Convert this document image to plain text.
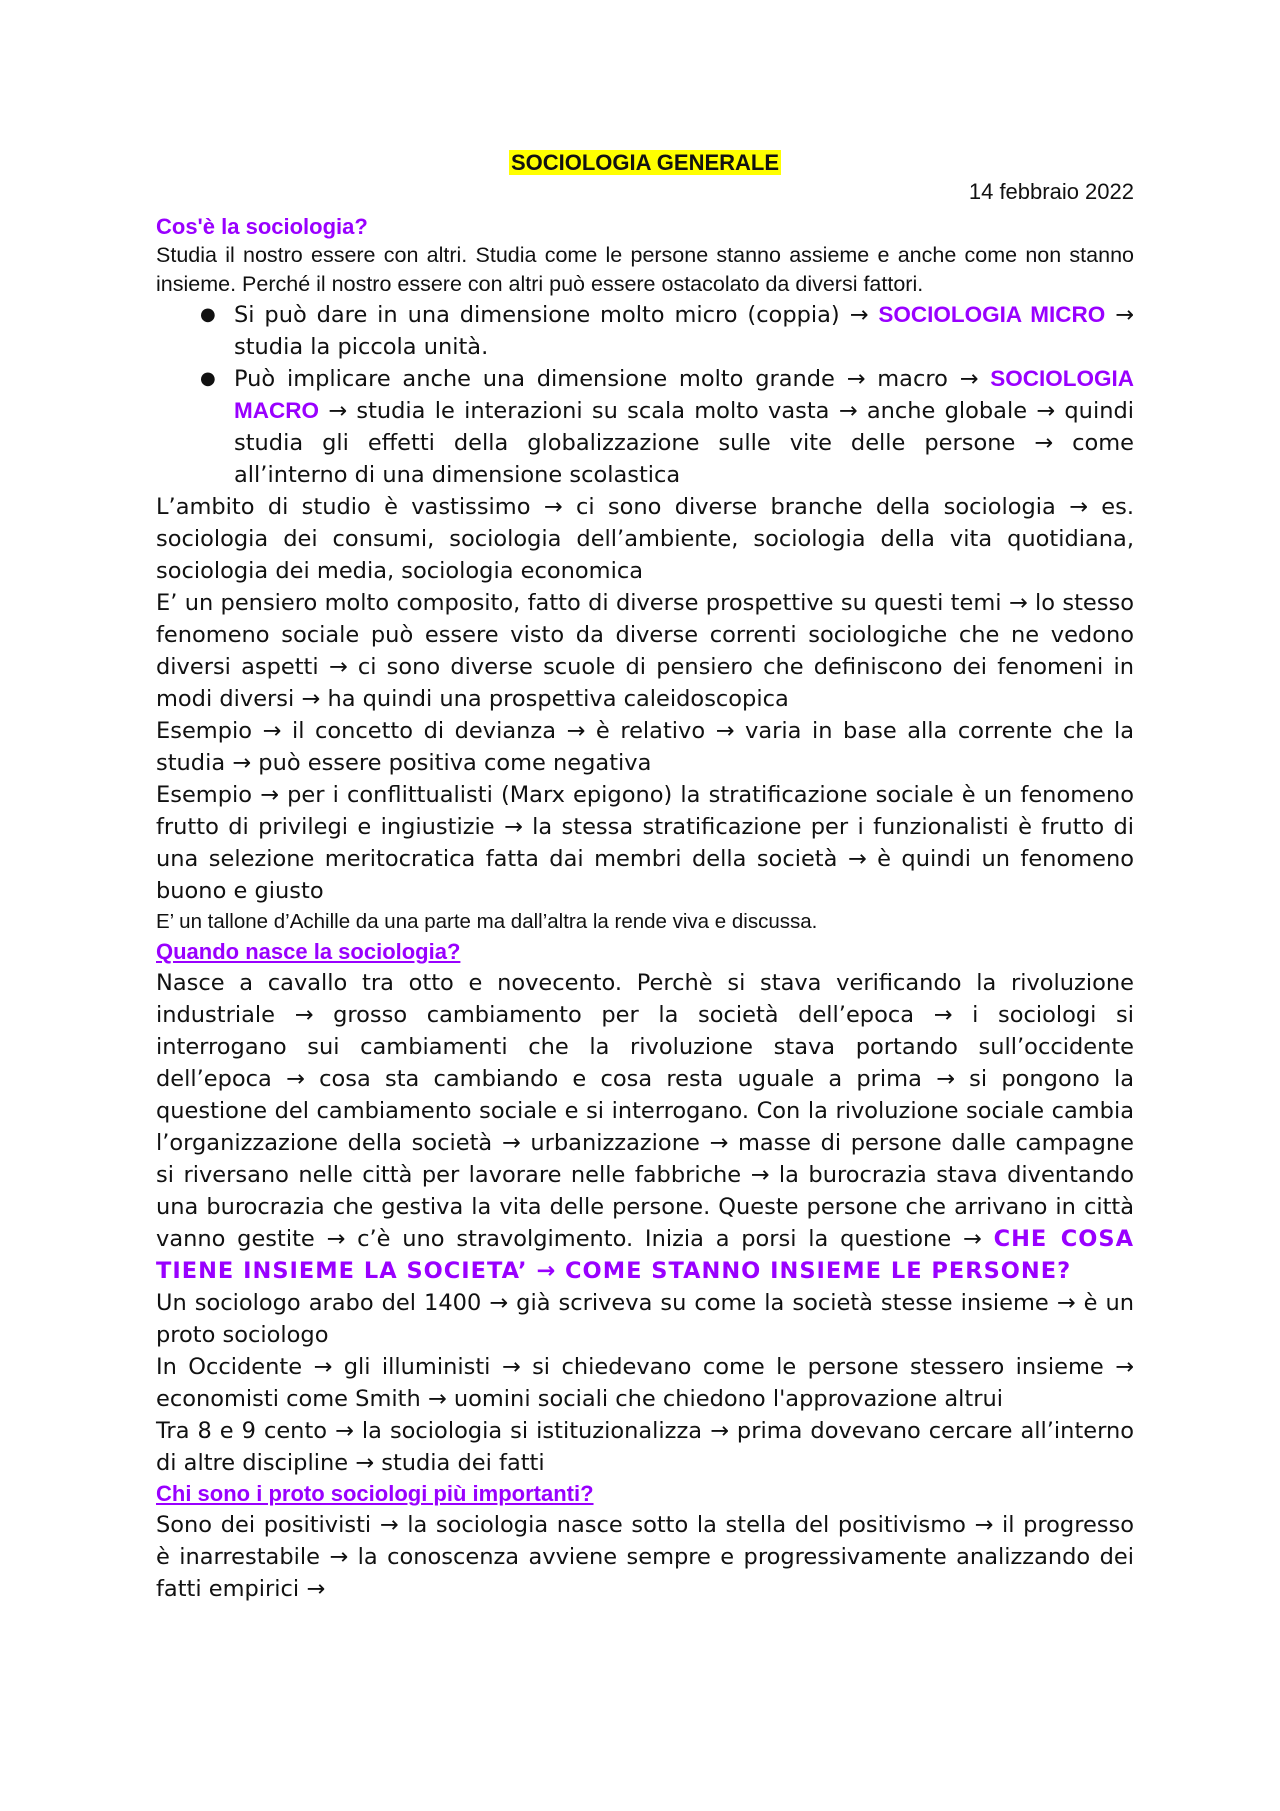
SOCIOLOGIA GENERALE
14 febbraio 2022
Cos'è la sociologia?

Studia il nostro essere con altri. Studia come le persone stanno assieme e anche come non stanno insieme. Perché il nostro essere con altri può essere ostacolato da diversi fattori.

● Si può dare in una dimensione molto micro (coppia) → SOCIOLOGIA MICRO → studia la piccola unità.
● Può implicare anche una dimensione molto grande → macro → SOCIOLOGIA MACRO → studia le interazioni su scala molto vasta → anche globale → quindi studia gli effetti della globalizzazione sulle vite delle persone → come all’interno di una dimensione scolastica

L’ambito di studio è vastissimo → ci sono diverse branche della sociologia → es. sociologia dei consumi, sociologia dell’ambiente, sociologia della vita quotidiana, sociologia dei media, sociologia economica

E’ un pensiero molto composito, fatto di diverse prospettive su questi temi → lo stesso fenomeno sociale può essere visto da diverse correnti sociologiche che ne vedono diversi aspetti → ci sono diverse scuole di pensiero che definiscono dei fenomeni in modi diversi → ha quindi una prospettiva caleidoscopica

Esempio → il concetto di devianza → è relativo → varia in base alla corrente che la studia → può essere positiva come negativa

Esempio → per i conflittualisti (Marx epigono) la stratificazione sociale è un fenomeno frutto di privilegi e ingiustizie → la stessa stratificazione per i funzionalisti è frutto di una selezione meritocratica fatta dai membri della società → è quindi un fenomeno buono e giusto

E’ un tallone d’Achille da una parte ma dall’altra la rende viva e discussa.

Quando nasce la sociologia?

Nasce a cavallo tra otto e novecento. Perchè si stava verificando la rivoluzione industriale → grosso cambiamento per la società dell’epoca → i sociologi si interrogano sui cambiamenti che la rivoluzione stava portando sull’occidente dell’epoca → cosa sta cambiando e cosa resta uguale a prima → si pongono la questione del cambiamento sociale e si interrogano. Con la rivoluzione sociale cambia l’organizzazione della società → urbanizzazione → masse di persone dalle campagne si riversano nelle città per lavorare nelle fabbriche → la burocrazia stava diventando una burocrazia che gestiva la vita delle persone. Queste persone che arrivano in città vanno gestite → c’è uno stravolgimento. Inizia a porsi la questione → CHE COSA TIENE INSIEME LA SOCIETA’ → COME STANNO INSIEME LE PERSONE?

Un sociologo arabo del 1400 → già scriveva su come la società stesse insieme → è un proto sociologo

In Occidente → gli illuministi → si chiedevano come le persone stessero insieme → economisti come Smith → uomini sociali che chiedono l'approvazione altrui

Tra 8 e 9 cento → la sociologia si istituzionalizza → prima dovevano cercare all’interno di altre discipline → studia dei fatti

Chi sono i proto sociologi più importanti?

Sono dei positivisti → la sociologia nasce sotto la stella del positivismo → il progresso è inarrestabile → la conoscenza avviene sempre e progressivamente analizzando dei fatti empirici →
